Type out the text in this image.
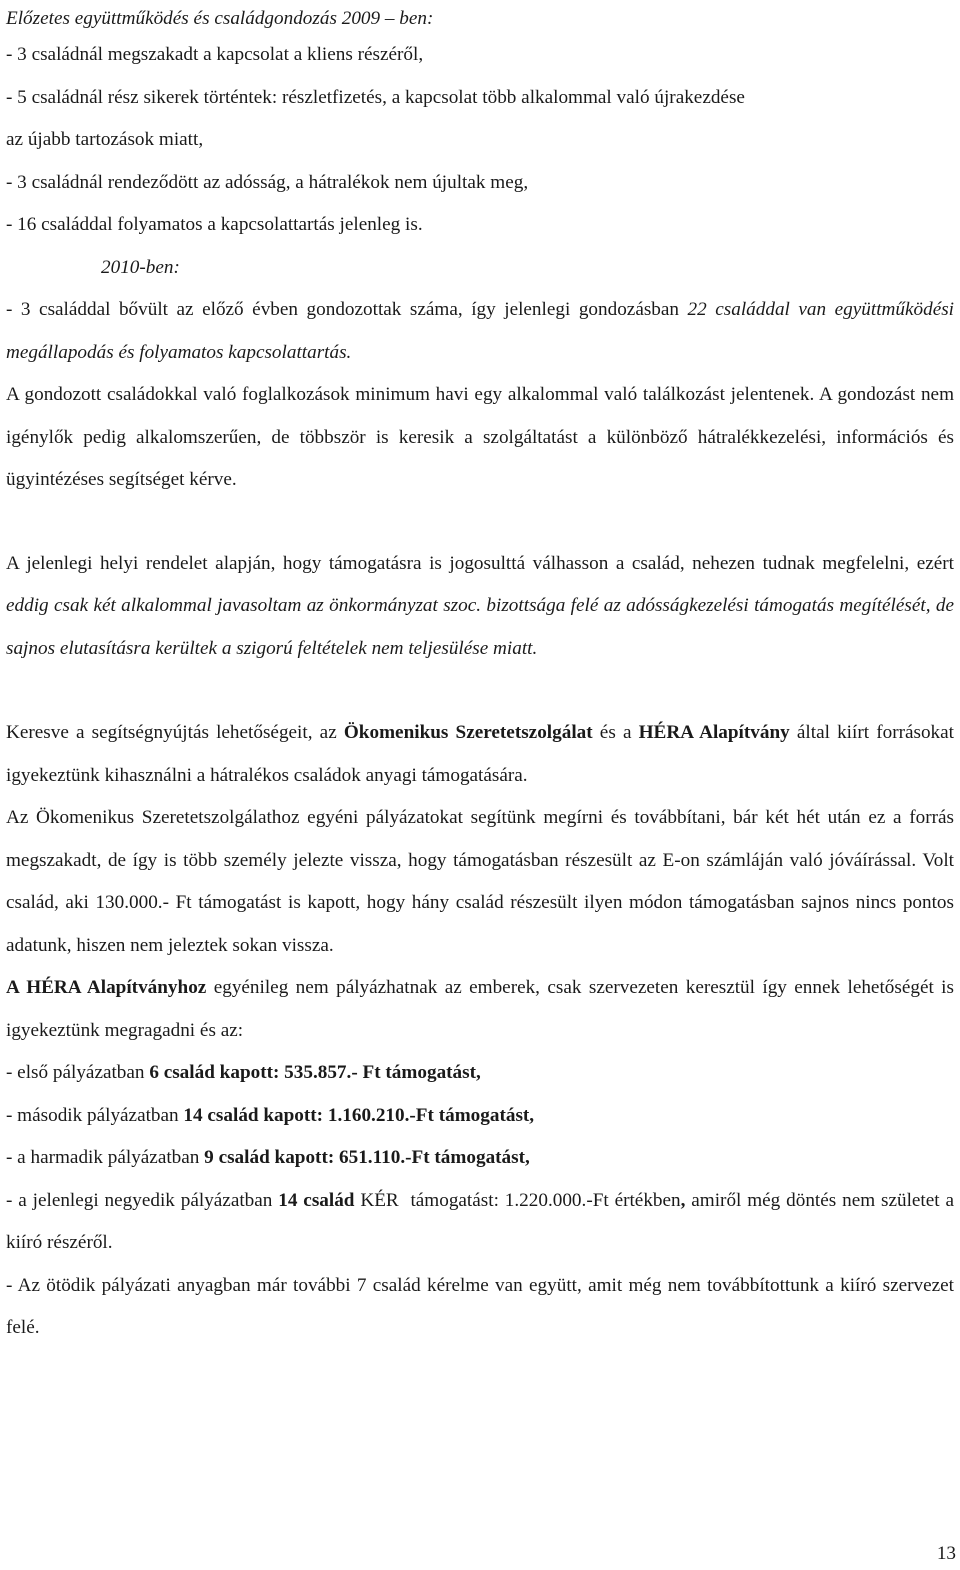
Előzetes együttműködés és családgondozás 2009 – ben:

- 3 családnál megszakadt a kapcsolat a kliens részéről,

- 5 családnál rész sikerek történtek: részletfizetés, a kapcsolat több alkalommal való újrakezdése

az újabb tartozások miatt,

- 3 családnál rendeződött az adósság, a hátralékok nem újultak meg,

- 16 családdal folyamatos a kapcsolattartás jelenleg is.

2010-ben:

- 3 családdal bővült az előző évben gondozottak száma, így jelenlegi gondozásban 22 családdal van együttműködési megállapodás és folyamatos kapcsolattartás.

A gondozott családokkal való foglalkozások minimum havi egy alkalommal való találkozást jelentenek. A gondozást nem igénylők pedig alkalomszerűen, de többször is keresik a szolgáltatást a különböző hátralékkezelési, információs és ügyintézéses segítséget kérve.

A jelenlegi helyi rendelet alapján, hogy támogatásra is jogosulttá válhasson a család, nehezen tudnak megfelelni, ezért eddig csak két alkalommal javasoltam az önkormányzat szoc. bizottsága felé az adósságkezelési támogatás megítélését, de sajnos elutasításra kerültek a szigorú feltételek nem teljesülése miatt.

Keresve a segítségnyújtás lehetőségeit, az Ökomenikus Szeretetszolgálat és a HÉRA Alapítvány által kiírt forrásokat igyekeztünk kihasználni a hátralékos családok anyagi támogatására.

Az Ökomenikus Szeretetszolgálathoz egyéni pályázatokat segítünk megírni és továbbítani, bár két hét után ez a forrás megszakadt, de így is több személy jelezte vissza, hogy támogatásban részesült az E-on számláján való jóváírással. Volt család, aki 130.000.- Ft támogatást is kapott, hogy hány család részesült ilyen módon támogatásban sajnos nincs pontos adatunk, hiszen nem jeleztek sokan vissza.

A HÉRA Alapítványhoz egyénileg nem pályázhatnak az emberek, csak szervezeten keresztül így ennek lehetőségét is igyekeztünk megragadni és az:

- első pályázatban 6 család kapott: 535.857.- Ft támogatást,

- második pályázatban 14 család kapott: 1.160.210.-Ft támogatást,

- a harmadik pályázatban 9 család kapott: 651.110.-Ft támogatást,

- a jelenlegi negyedik pályázatban 14 család KÉR  támogatást: 1.220.000.-Ft értékben, amiről még döntés nem születet a kiíró részéről.

- Az ötödik pályázati anyagban már további 7 család kérelme van együtt, amit még nem továbbítottunk a kiíró szervezet felé.

13
